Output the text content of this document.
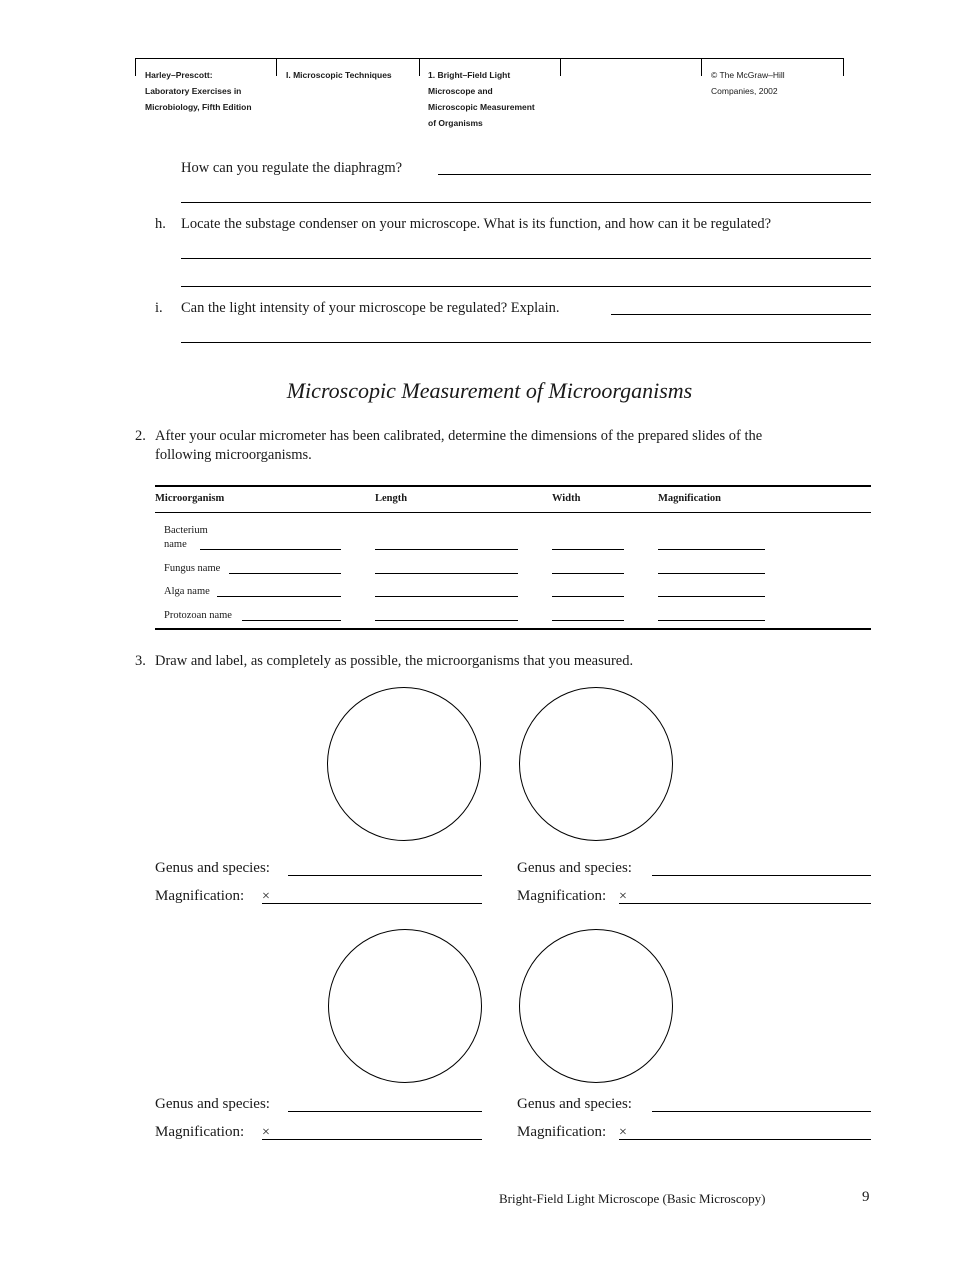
Harley–Prescott:
Laboratory Exercises in
Microbiology, Fifth Edition
I. Microscopic Techniques	1. Bright–Field Light
Microscope and
Microscopic Measurement
of Organisms
© The McGraw–Hill
Companies, 2002
How can you regulate the diaphragm?
h. Locate the substage condenser on your microscope. What is its function, and how can it be regulated?
i. Can the light intensity of your microscope be regulated? Explain.
Microscopic Measurement of Microorganisms
2. After your ocular micrometer has been calibrated, determine the dimensions of the prepared slides of the
following microorganisms.
Microorganism	Length	Width	Magnification
Bacterium
name
Fungus name
Alga name
Protozoan name
3. Draw and label, as completely as possible, the microorganisms that you measured.
Genus and species:
Magnification: ×
Genus and species:
Magnification: ×
Genus and species:
Magnification: ×
Genus and species:
Magnification: ×
Bright-Field Light Microscope (Basic Microscopy)	9
